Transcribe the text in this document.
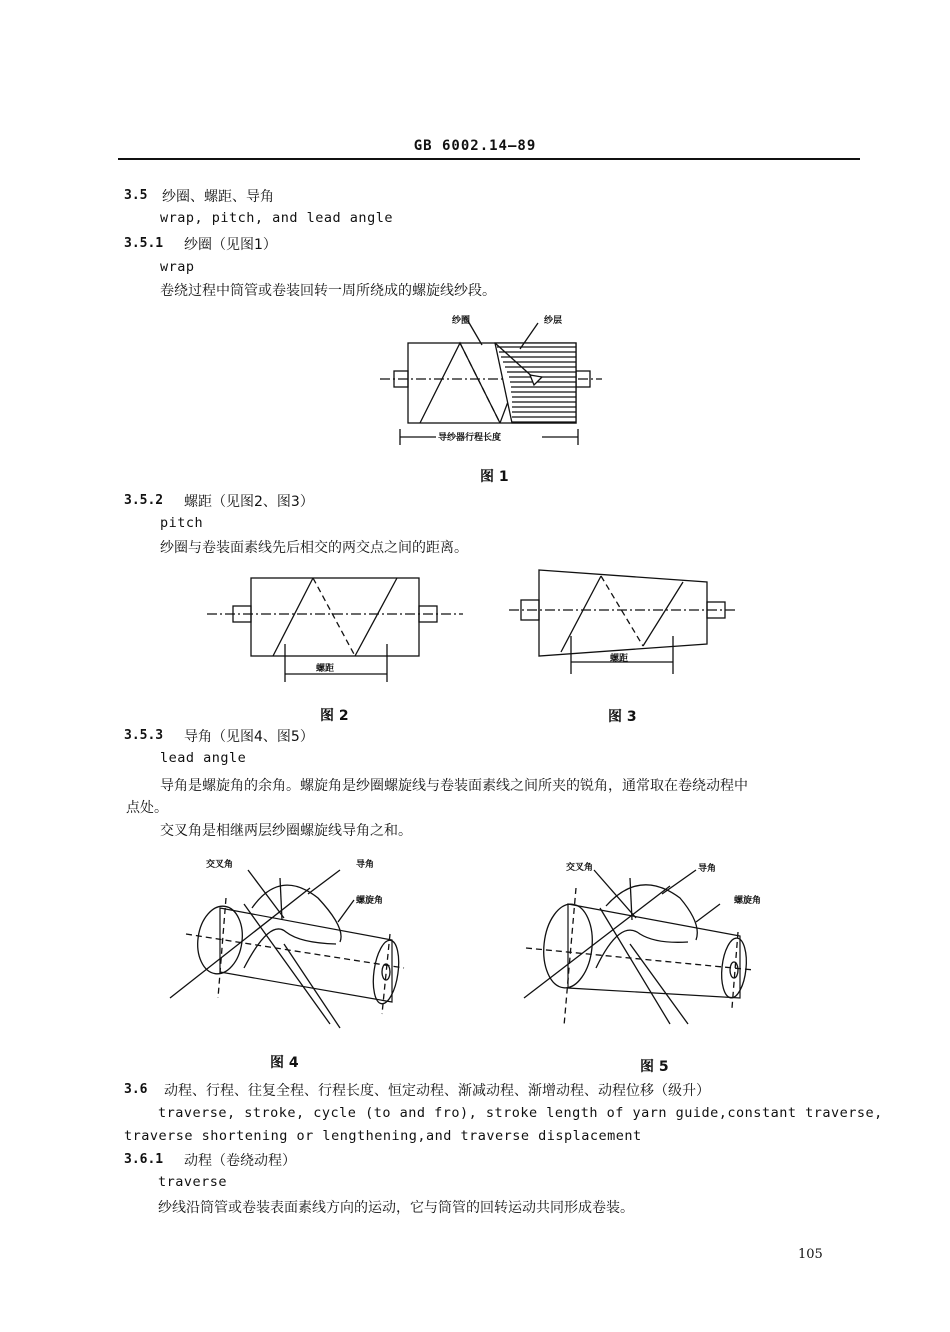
GB 6002.14—89
3.5 纱圈、螺距、导角
wrap, pitch, and lead angle
3.5.1 纱圈（见图1）
wrap
卷绕过程中筒管或卷装回转一周所绕成的螺旋线纱段。
纱圈	纱层
导纱器行程长度
图 1
3.5.2 螺距（见图2、图3）
pitch
纱圈与卷装面素线先后相交的两交点之间的距离。
螺距
图 2
螺距
图 3
3.5.3 导角（见图4、图5）
lead angle
导角是螺旋角的余角。螺旋角是纱圈螺旋线与卷装面素线之间所夹的锐角，通常取在卷绕动程中
点处。
交叉角是相继两层纱圈螺旋线导角之和。
交叉角	导角
螺旋角
图 4
交叉角	导角
螺旋角
图 5
3.6 动程、行程、往复全程、行程长度、恒定动程、渐减动程、渐增动程、动程位移（级升）
traverse, stroke, cycle (to and fro), stroke length of yarn guide,constant traverse,
traverse shortening or lengthening,and traverse displacement
3.6.1 动程（卷绕动程）
traverse
纱线沿筒管或卷装表面素线方向的运动，它与筒管的回转运动共同形成卷装。
105
